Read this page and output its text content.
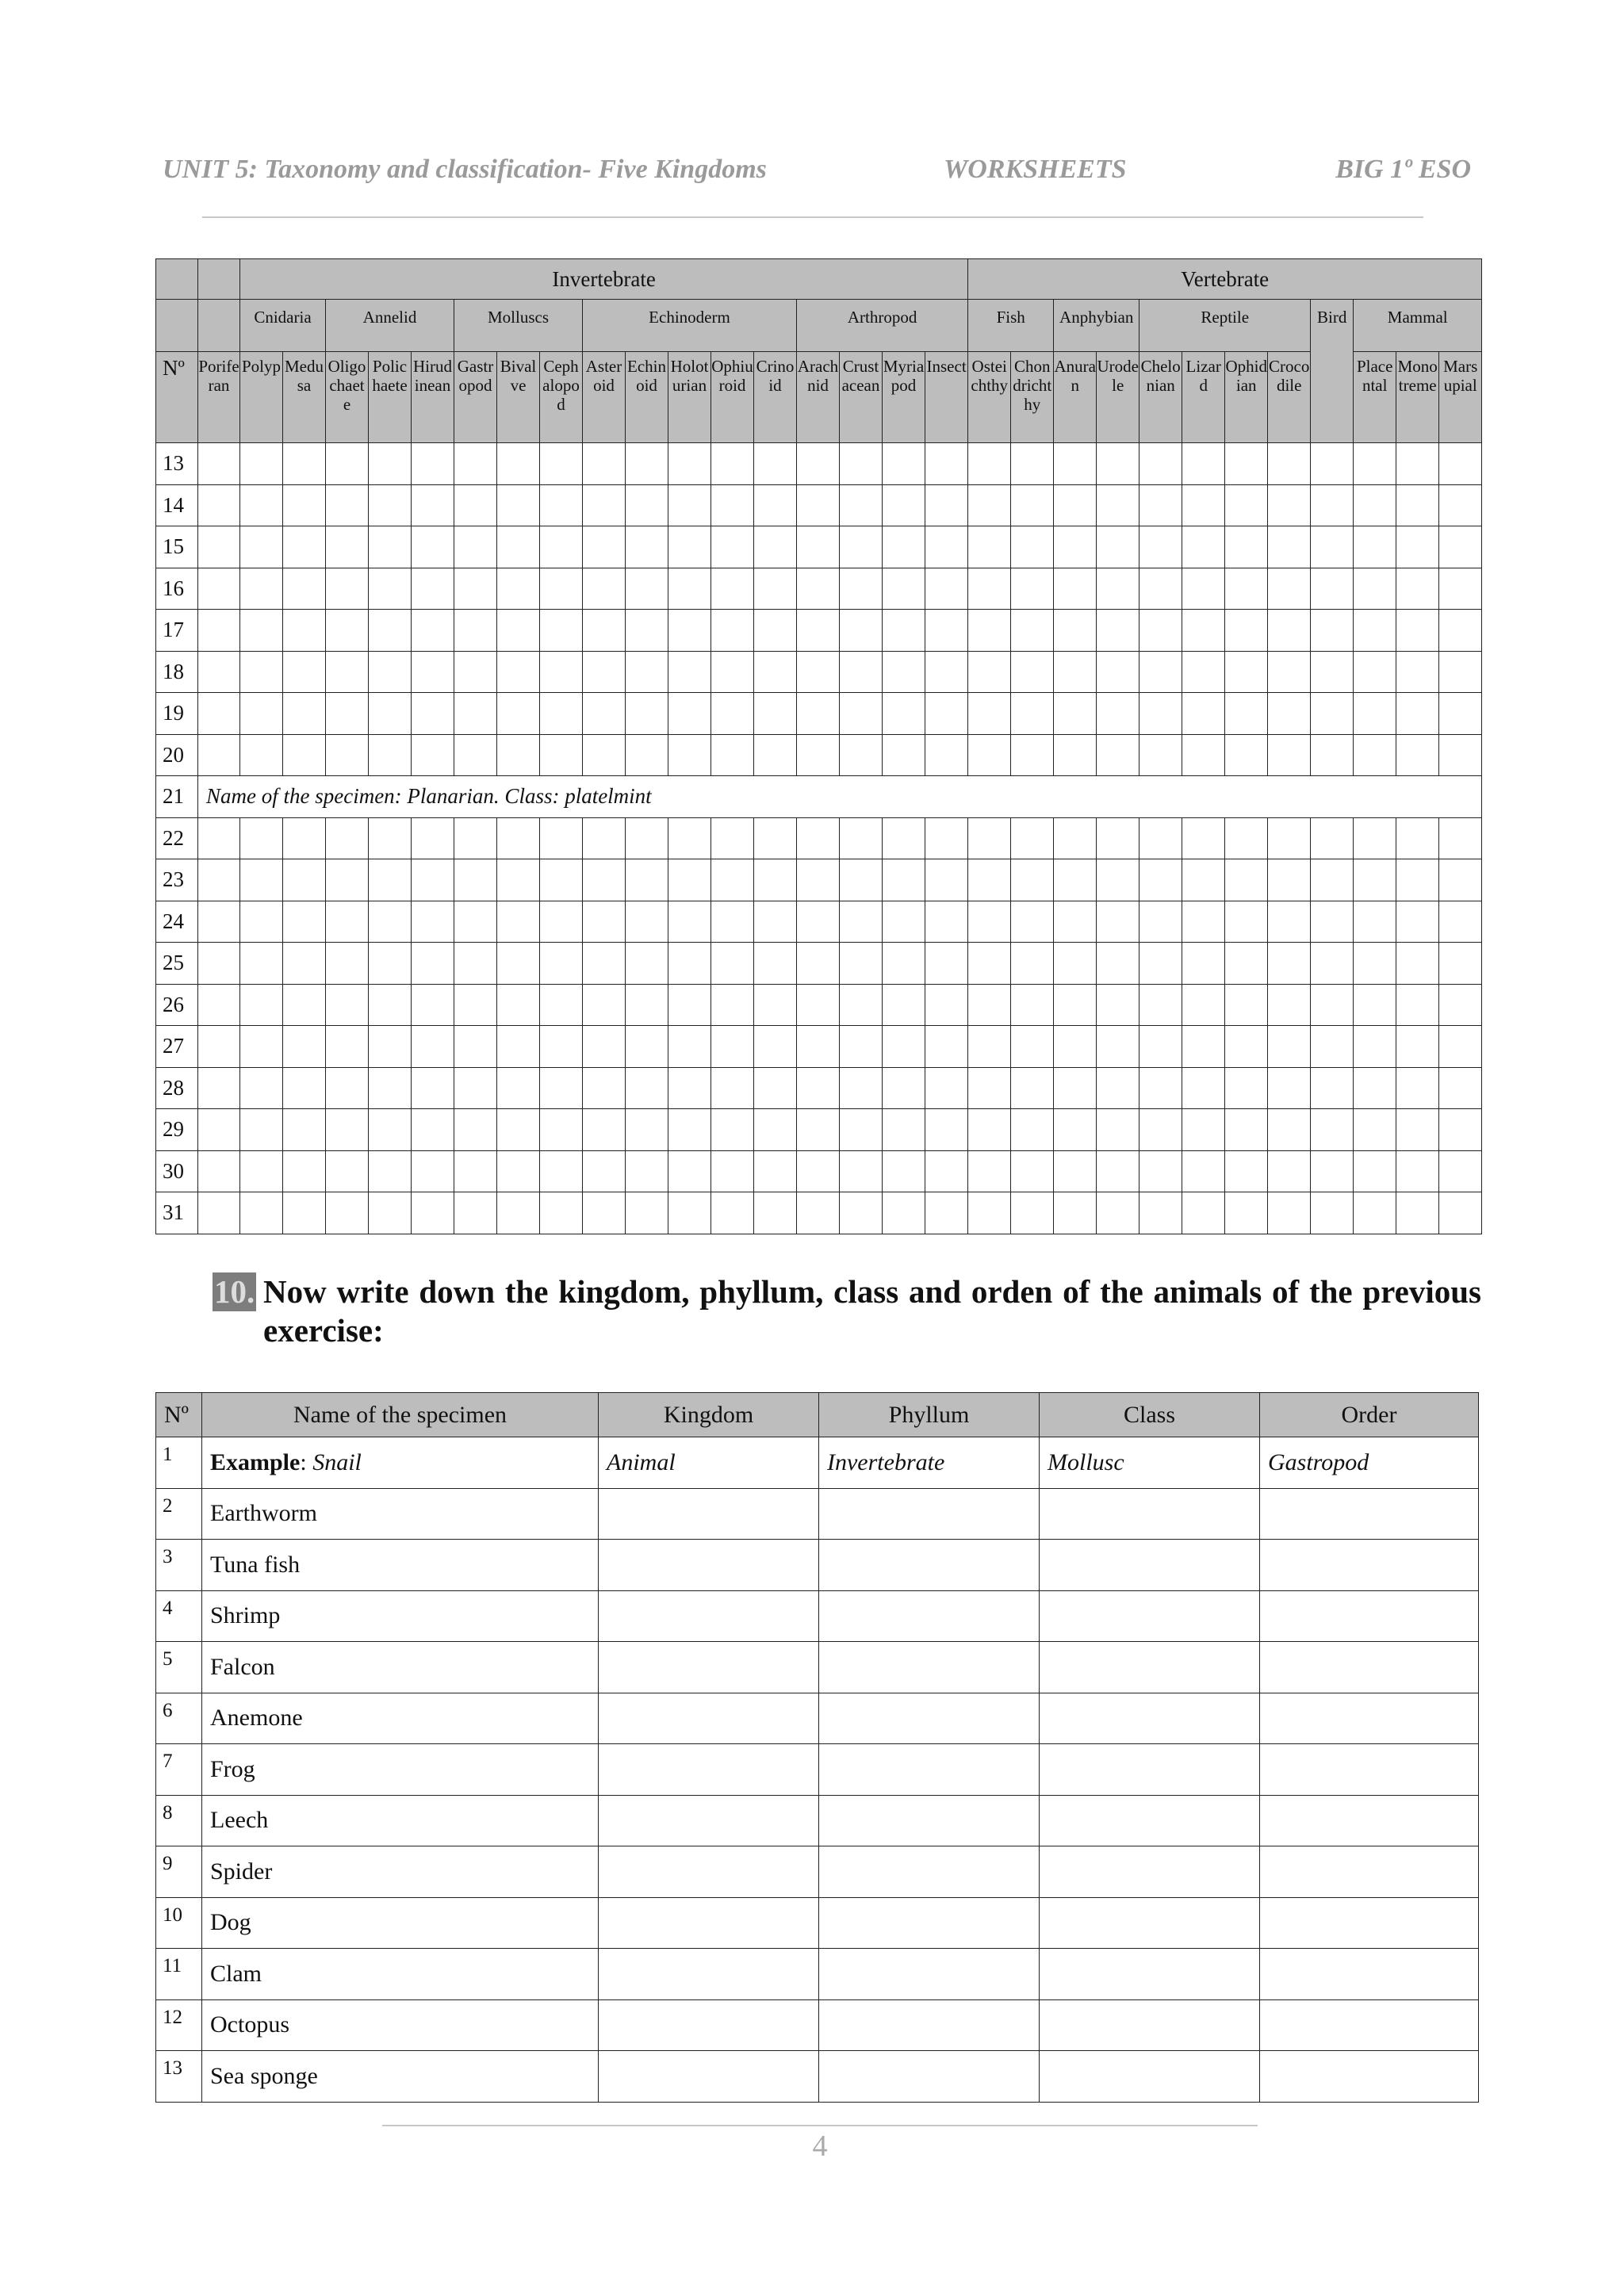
UNIT 5: Taxonomy and classification- Five Kingdoms	WORKSHEETS	BIG 1º ESO
		Invertebrate																	Vertebrate											
		Cnidaria		Annelid			Molluscs			Echinoderm					Arthropod				Fish		Anphybian		Reptile				Bird	Mammal		
Nº	Poriferan	Polyp	Medusa	Oligochaete	Polichaete	Hirudinean	Gastropod	Bivalve	Cephalopod	Asteroid	Echinoid	Holoturian	Ophiuroid	Crinoid	Arachnid	Crustacean	Myriapod	Insect	Osteichthy	Chondrichthy	Anuran	Urodele	Chelonian	Lizard	Ophidian	Crocodile		Placental	Monotreme	Marsupial
13																														
14																														
15																														
16																														
17																														
18																														
19																														
20																														
21	Name of the specimen: Planarian. Class: platelmint																													
22																														
23																														
24																														
25																														
26																														
27																														
28																														
29																														
30																														
31																														
10. Now write down the kingdom, phyllum, class and orden of the animals of the previous exercise:
Nº	Name of the specimen	Kingdom	Phyllum	Class	Order
1	Example: Snail	Animal	Invertebrate	Mollusc	Gastropod
2	Earthworm				
3	Tuna fish				
4	Shrimp				
5	Falcon				
6	Anemone				
7	Frog				
8	Leech				
9	Spider				
10	Dog				
11	Clam				
12	Octopus				
13	Sea sponge				
4
